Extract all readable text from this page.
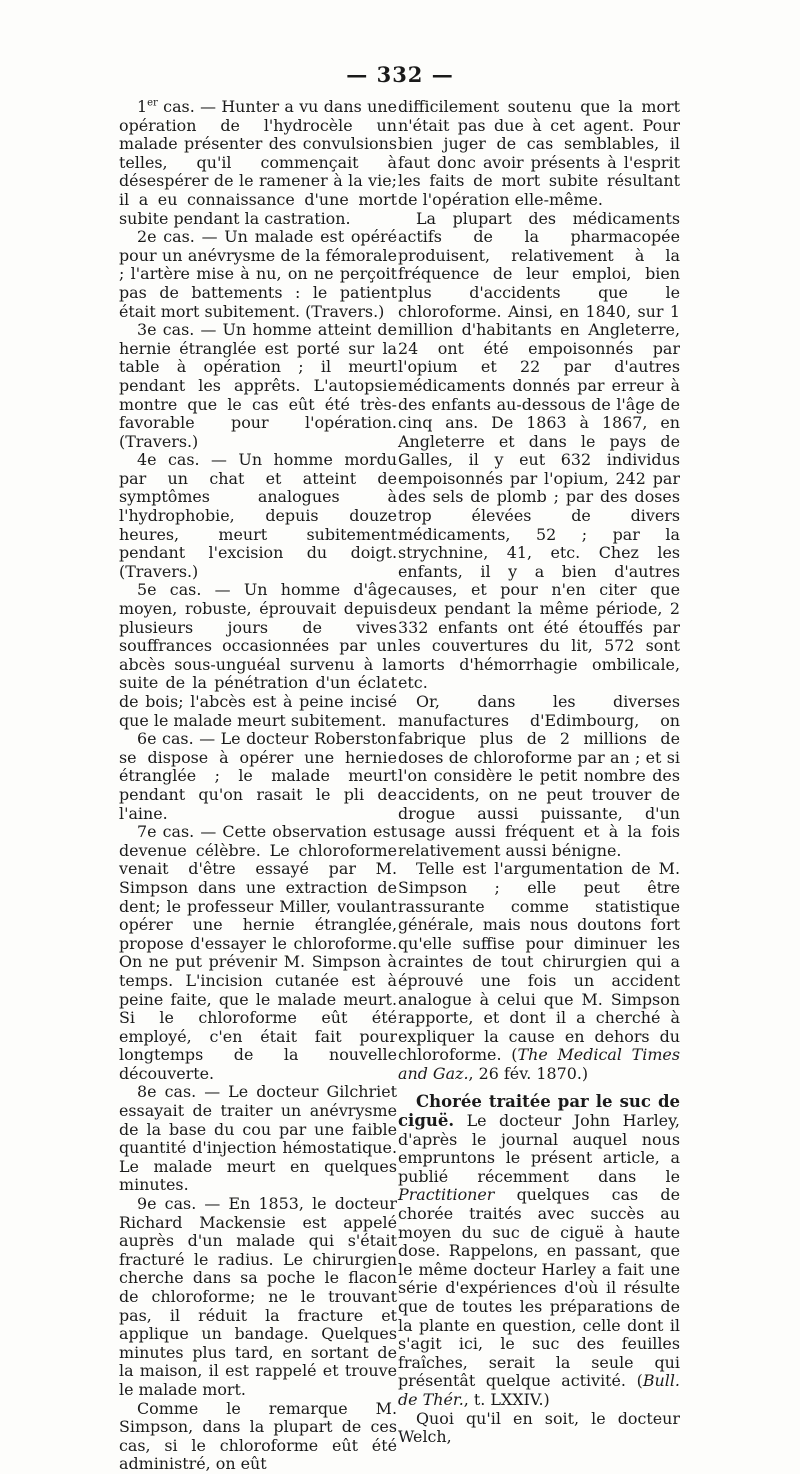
— 332 —

1er cas. — Hunter a vu dans une opération de l'hydrocèle un malade présenter des convulsions telles, qu'il commençait à désespérer de le ramener à la vie; il a eu connaissance d'une mort subite pendant la castration.

2e cas. — Un malade est opéré pour un anévrysme de la fémorale ; l'artère mise à nu, on ne perçoit pas de battements : le patient était mort subitement. (Travers.)

3e cas. — Un homme atteint de hernie étranglée est porté sur la table à opération ; il meurt pendant les apprêts. L'autopsie montre que le cas eût été très-favorable pour l'opération. (Travers.)

4e cas. — Un homme mordu par un chat et atteint de symptômes analogues à l'hydrophobie, depuis douze heures, meurt subitement pendant l'excision du doigt. (Travers.)

5e cas. — Un homme d'âge moyen, robuste, éprouvait depuis plusieurs jours de vives souffrances occasionnées par un abcès sous-unguéal survenu à la suite de la pénétration d'un éclat de bois; l'abcès est à peine incisé que le malade meurt subitement.

6e cas. — Le docteur Roberston se dispose à opérer une hernie étranglée ; le malade meurt pendant qu'on rasait le pli de l'aine.

7e cas. — Cette observation est devenue célèbre. Le chloroforme venait d'être essayé par M. Simpson dans une extraction de dent; le professeur Miller, voulant opérer une hernie étranglée, propose d'essayer le chloroforme. On ne put prévenir M. Simpson à temps. L'incision cutanée est à peine faite, que le malade meurt. Si le chloroforme eût été employé, c'en était fait pour longtemps de la nouvelle découverte.

8e cas. — Le docteur Gilchriet essayait de traiter un anévrysme de la base du cou par une faible quantité d'injection hémostatique. Le malade meurt en quelques minutes.

9e cas. — En 1853, le docteur Richard Mackensie est appelé auprès d'un malade qui s'était fracturé le radius. Le chirurgien cherche dans sa poche le flacon de chloroforme; ne le trouvant pas, il réduit la fracture et applique un bandage. Quelques minutes plus tard, en sortant de la maison, il est rappelé et trouve le malade mort.

Comme le remarque M. Simpson, dans la plupart de ces cas, si le chloroforme eût été administré, on eût

difficilement soutenu que la mort n'était pas due à cet agent. Pour bien juger de cas semblables, il faut donc avoir présents à l'esprit les faits de mort subite résultant de l'opération elle-même.

La plupart des médicaments actifs de la pharmacopée produisent, relativement à la fréquence de leur emploi, bien plus d'accidents que le chloroforme. Ainsi, en 1840, sur 1 million d'habitants en Angleterre, 24 ont été empoisonnés par l'opium et 22 par d'autres médicaments donnés par erreur à des enfants au-dessous de l'âge de cinq ans. De 1863 à 1867, en Angleterre et dans le pays de Galles, il y eut 632 individus empoisonnés par l'opium, 242 par des sels de plomb ; par des doses trop élevées de divers médicaments, 52 ; par la strychnine, 41, etc. Chez les enfants, il y a bien d'autres causes, et pour n'en citer que deux pendant la même période, 2 332 enfants ont été étouffés par les couvertures du lit, 572 sont morts d'hémorrhagie ombilicale, etc.

Or, dans les diverses manufactures d'Edimbourg, on fabrique plus de 2 millions de doses de chloroforme par an ; et si l'on considère le petit nombre des accidents, on ne peut trouver de drogue aussi puissante, d'un usage aussi fréquent et à la fois relativement aussi bénigne.

Telle est l'argumentation de M. Simpson ; elle peut être rassurante comme statistique générale, mais nous doutons fort qu'elle suffise pour diminuer les craintes de tout chirurgien qui a éprouvé une fois un accident analogue à celui que M. Simpson rapporte, et dont il a cherché à expliquer la cause en dehors du chloroforme. (The Medical Times and Gaz., 26 fév. 1870.)

Chorée traitée par le suc de ciguë. Le docteur John Harley, d'après le journal auquel nous empruntons le présent article, a publié récemment dans le Practitioner quelques cas de chorée traités avec succès au moyen du suc de ciguë à haute dose. Rappelons, en passant, que le même docteur Harley a fait une série d'expériences d'où il résulte que de toutes les préparations de la plante en question, celle dont il s'agit ici, le suc des feuilles fraîches, serait la seule qui présentât quelque activité. (Bull. de Thér., t. LXXIV.)

Quoi qu'il en soit, le docteur Welch,
